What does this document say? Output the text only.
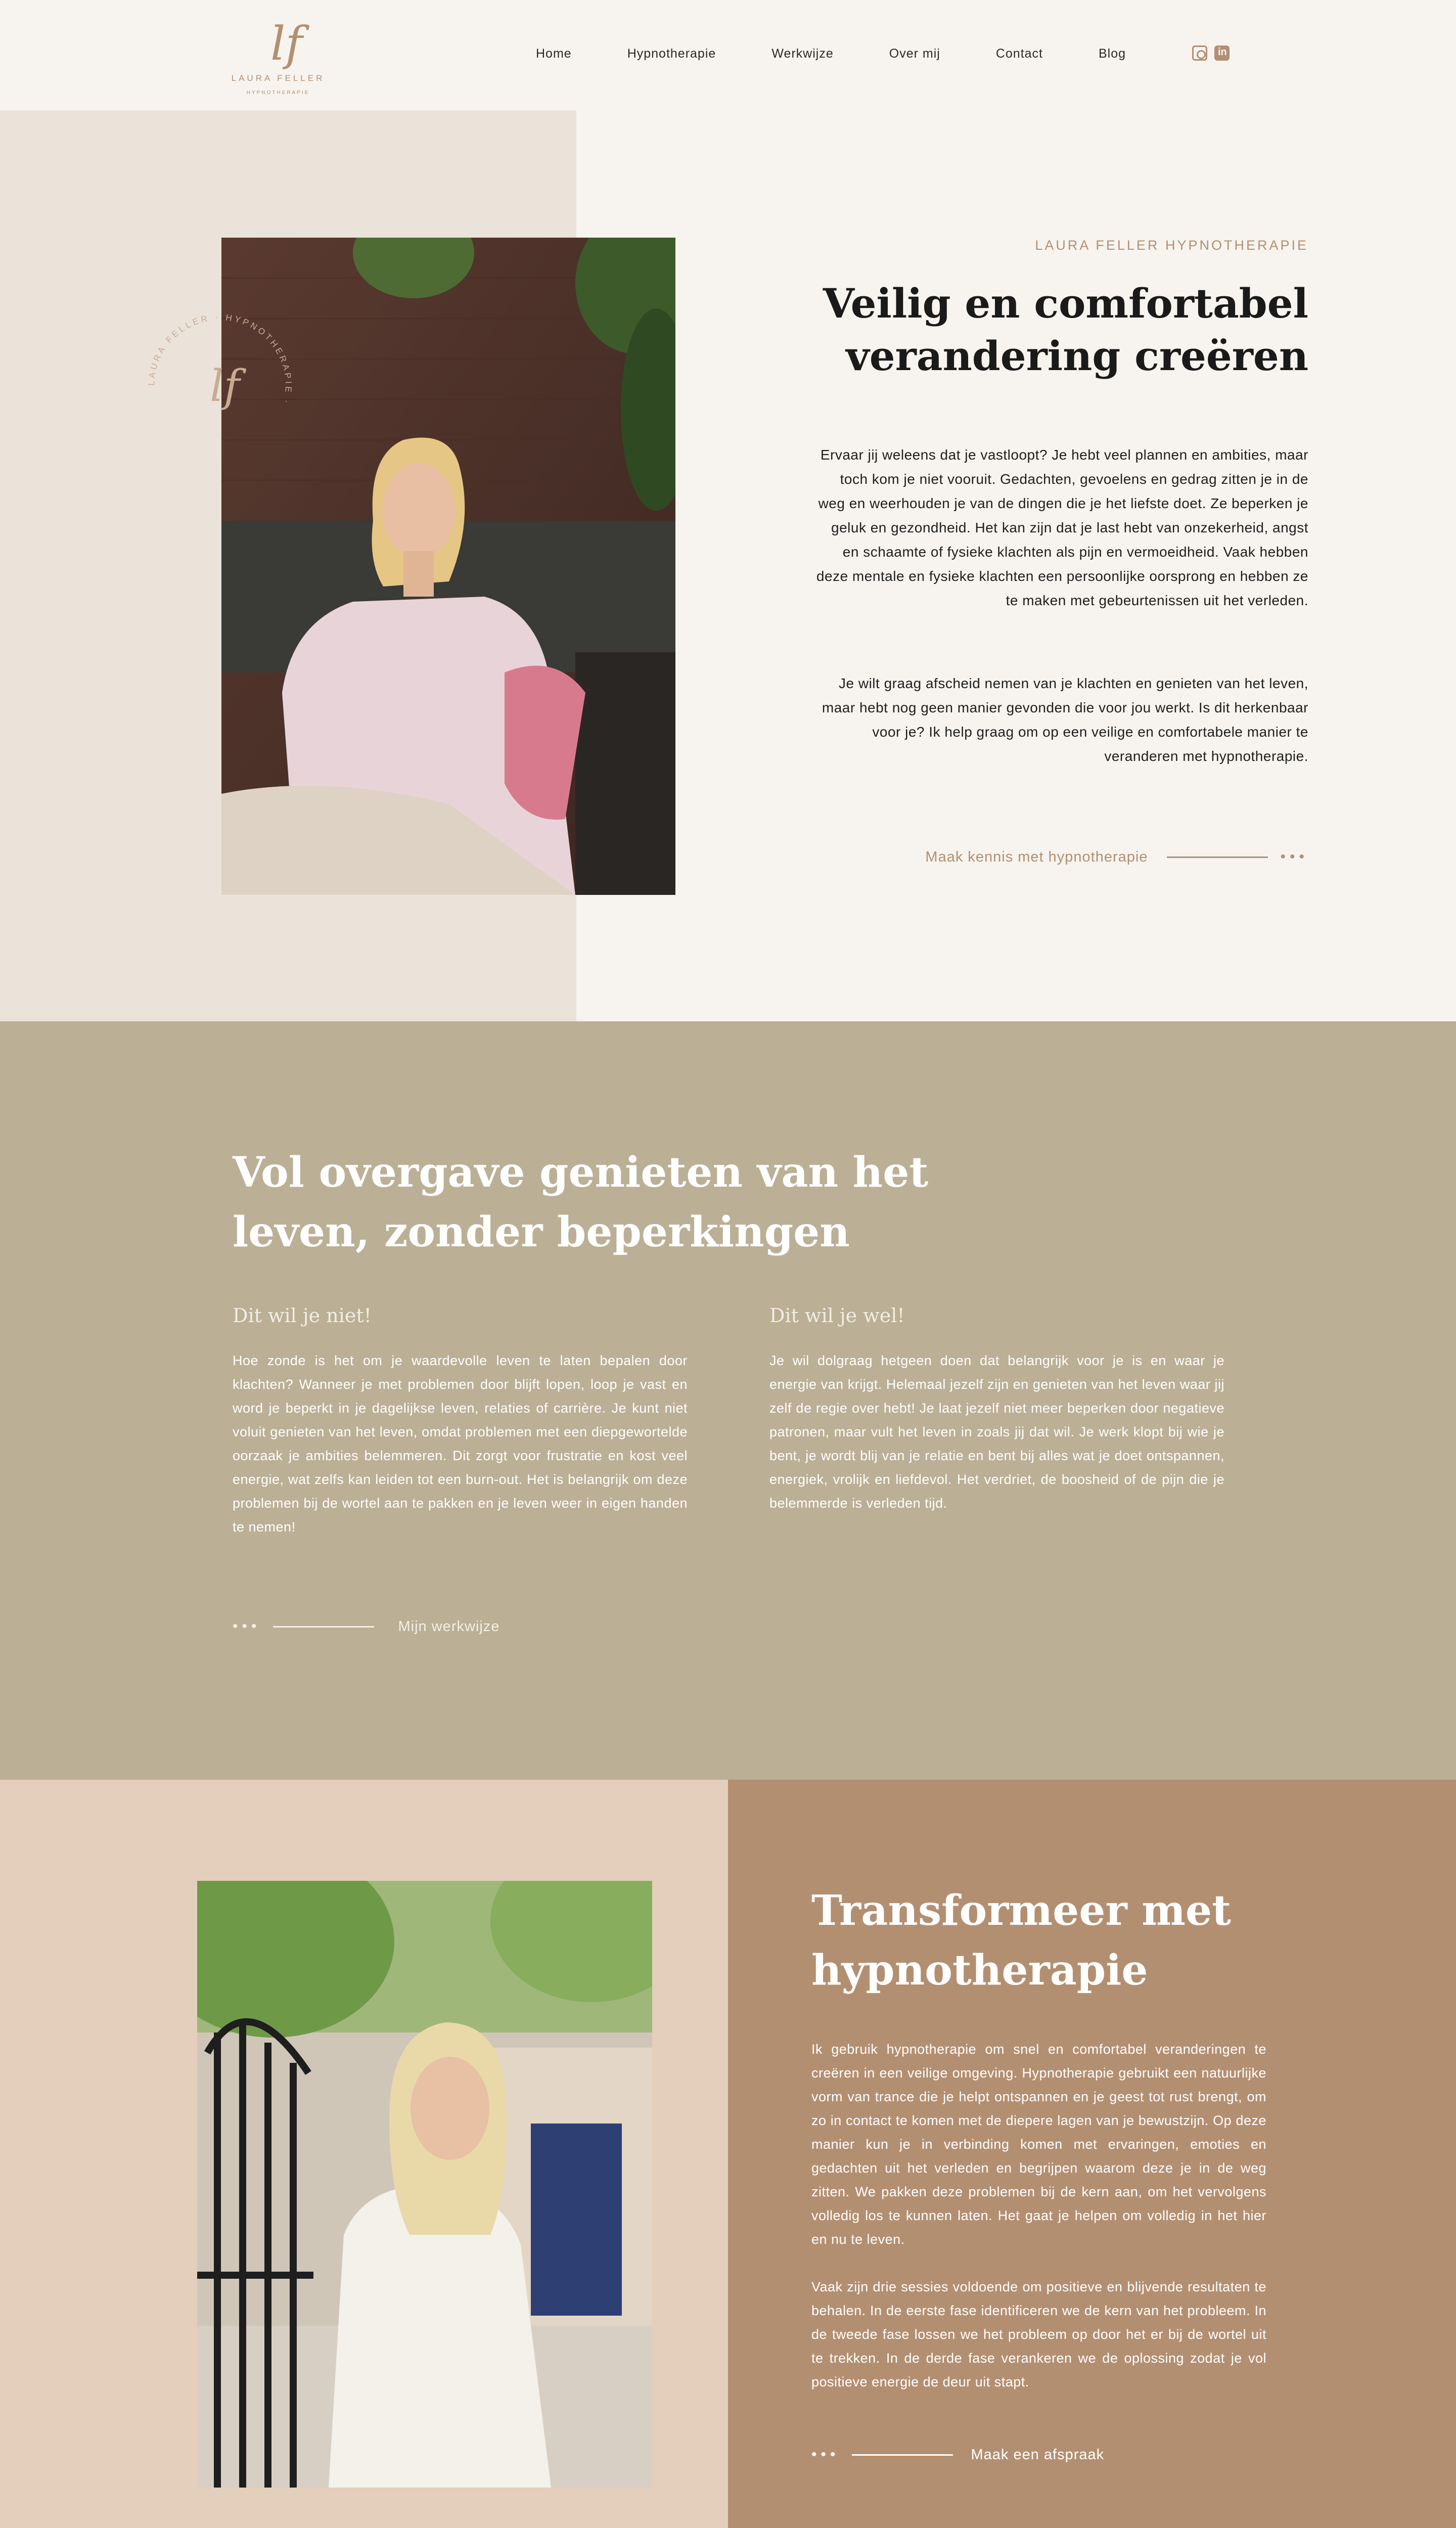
lf
LAURA FELLER
HYPNOTHERAPIE
Home	Hypnotherapie	Werkwijze	Over mij	Contact	Blog
in
LAURA FELLER · HYPNOTHERAPIE ·
lf
LAURA FELLER HYPNOTHERAPIE
Veilig en comfortabel verandering creëren

Ervaar jij weleens dat je vastloopt? Je hebt veel plannen en ambities, maar toch kom je niet vooruit. Gedachten, gevoelens en gedrag zitten je in de weg en weerhouden je van de dingen die je het liefste doet. Ze beperken je geluk en gezondheid. Het kan zijn dat je last hebt van onzekerheid, angst en schaamte of fysieke klachten als pijn en vermoeidheid. Vaak hebben deze mentale en fysieke klachten een persoonlijke oorsprong en hebben ze te maken met gebeurtenissen uit het verleden.

Je wilt graag afscheid nemen van je klachten en genieten van het leven, maar hebt nog geen manier gevonden die voor jou werkt. Is dit herkenbaar voor je? Ik help graag om op een veilige en comfortabele manier te veranderen met hypnotherapie.

Maak kennis met hypnotherapie	•••
Vol overgave genieten van het leven, zonder beperkingen
Dit wil je niet!

Hoe zonde is het om je waardevolle leven te laten bepalen door klachten? Wanneer je met problemen door blijft lopen, loop je vast en word je beperkt in je dagelijkse leven, relaties of carrière. Je kunt niet voluit genieten van het leven, omdat problemen met een diepgewortelde oorzaak je ambities belemmeren. Dit zorgt voor frustratie en kost veel energie, wat zelfs kan leiden tot een burn-out. Het is belangrijk om deze problemen bij de wortel aan te pakken en je leven weer in eigen handen te nemen!

Dit wil je wel!

Je wil dolgraag hetgeen doen dat belangrijk voor je is en waar je energie van krijgt. Helemaal jezelf zijn en genieten van het leven waar jij zelf de regie over hebt! Je laat jezelf niet meer beperken door negatieve patronen, maar vult het leven in zoals jij dat wil. Je werk klopt bij wie je bent, je wordt blij van je relatie en bent bij alles wat je doet ontspannen, energiek, vrolijk en liefdevol. Het verdriet, de boosheid of de pijn die je belemmerde is verleden tijd.

•••	Mijn werkwijze
Transformeer met hypnotherapie

Ik gebruik hypnotherapie om snel en comfortabel veranderingen te creëren in een veilige omgeving. Hypnotherapie gebruikt een natuurlijke vorm van trance die je helpt ontspannen en je geest tot rust brengt, om zo in contact te komen met de diepere lagen van je bewustzijn. Op deze manier kun je in verbinding komen met ervaringen, emoties en gedachten uit het verleden en begrijpen waarom deze je in de weg zitten. We pakken deze problemen bij de kern aan, om het vervolgens volledig los te kunnen laten. Het gaat je helpen om volledig in het hier en nu te leven.

Vaak zijn drie sessies voldoende om positieve en blijvende resultaten te behalen. In de eerste fase identificeren we de kern van het probleem. In de tweede fase lossen we het probleem op door het er bij de wortel uit te trekken. In de derde fase verankeren we de oplossing zodat je vol positieve energie de deur uit stapt.

•••	Maak een afspraak
